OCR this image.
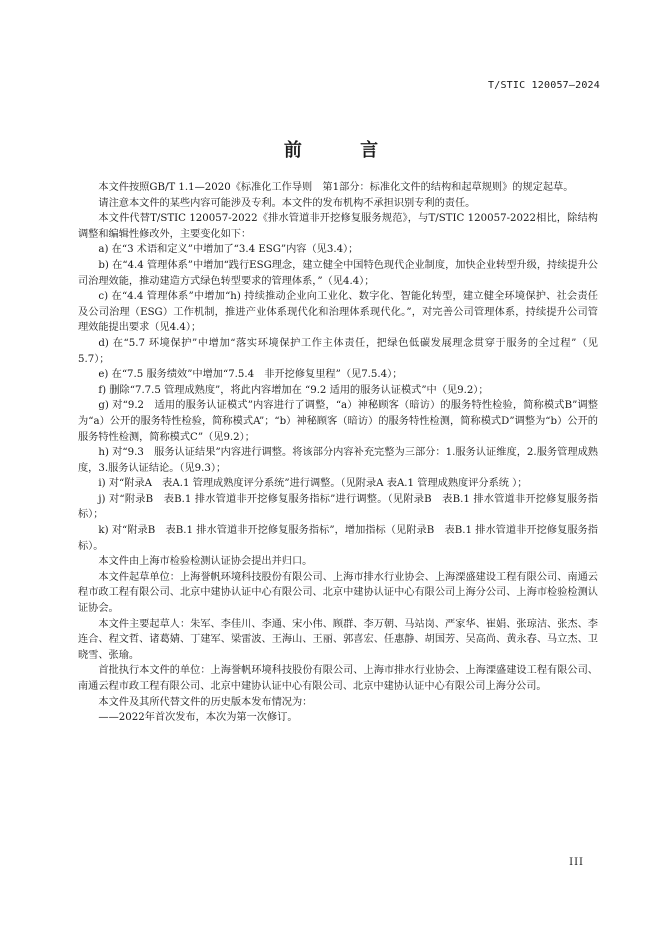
T/STIC 120057—2024
前 言

本文件按照GB/T 1.1—2020《标准化工作导则　第1部分：标准化文件的结构和起草规则》的规定起草。

请注意本文件的某些内容可能涉及专利。本文件的发布机构不承担识别专利的责任。

本文件代替T/STIC 120057-2022《排水管道非开挖修复服务规范》，与T/STIC 120057-2022相比，除结构调整和编辑性修改外，主要变化如下：

a) 在“3 术语和定义”中增加了“3.4 ESG”内容（见3.4）；

b) 在“4.4 管理体系”中增加“践行ESG理念，建立健全中国特色现代企业制度，加快企业转型升级，持续提升公司治理效能，推动建造方式绿色转型要求的管理体系，”（见4.4）；

c) 在“4.4 管理体系”中增加“h) 持续推动企业向工业化、数字化、智能化转型，建立健全环境保护、社会责任及公司治理（ESG）工作机制，推进产业体系现代化和治理体系现代化。”，对完善公司管理体系，持续提升公司管理效能提出要求（见4.4）；

d) 在“5.7 环境保护”中增加“落实环境保护工作主体责任，把绿色低碳发展理念贯穿于服务的全过程”（见5.7）；

e) 在“7.5 服务绩效”中增加“7.5.4　非开挖修复里程”（见7.5.4）；

f) 删除“7.7.5 管理成熟度”，将此内容增加在 “9.2 适用的服务认证模式”中（见9.2）；

g) 对“9.2　适用的服务认证模式”内容进行了调整，“a）神秘顾客（暗访）的服务特性检验，简称模式B”调整为“a）公开的服务特性检验，简称模式A”；“b）神秘顾客（暗访）的服务特性检测，简称模式D”调整为“b）公开的服务特性检测，简称模式C”（见9.2）；

h) 对“9.3　服务认证结果”内容进行调整。将该部分内容补充完整为三部分：1.服务认证维度，2.服务管理成熟度，3.服务认证结论。（见9.3）；

i) 对“附录A　表A.1 管理成熟度评分系统”进行调整。（见附录A 表A.1 管理成熟度评分系统 ）；

j) 对“附录B　表B.1 排水管道非开挖修复服务指标”进行调整。（见附录B　表B.1 排水管道非开挖修复服务指标）；

k) 对“附录B　表B.1 排水管道非开挖修复服务指标”，增加指标（见附录B　表B.1 排水管道非开挖修复服务指标）。

本文件由上海市检验检测认证协会提出并归口。

本文件起草单位：上海誉帆环境科技股份有限公司、上海市排水行业协会、上海溧盛建设工程有限公司、南通云程市政工程有限公司、北京中建协认证中心有限公司、北京中建协认证中心有限公司上海分公司、上海市检验检测认证协会。

本文件主要起草人：朱军、李佳川、李通、宋小伟、顾群、李万朝、马站岗、严家华、崔娟、张琼洁、张杰、李连合、程文哲、诸葛婧、丁建军、梁雷波、王海山、王丽、郭喜宏、任惠静、胡国芳、吴高尚、黄永春、马立杰、卫晓雪、张瑜。

首批执行本文件的单位：上海誉帆环境科技股份有限公司、上海市排水行业协会、上海溧盛建设工程有限公司、南通云程市政工程有限公司、北京中建协认证中心有限公司、北京中建协认证中心有限公司上海分公司。

本文件及其所代替文件的历史版本发布情况为：

——2022年首次发布，本次为第一次修订。

III
